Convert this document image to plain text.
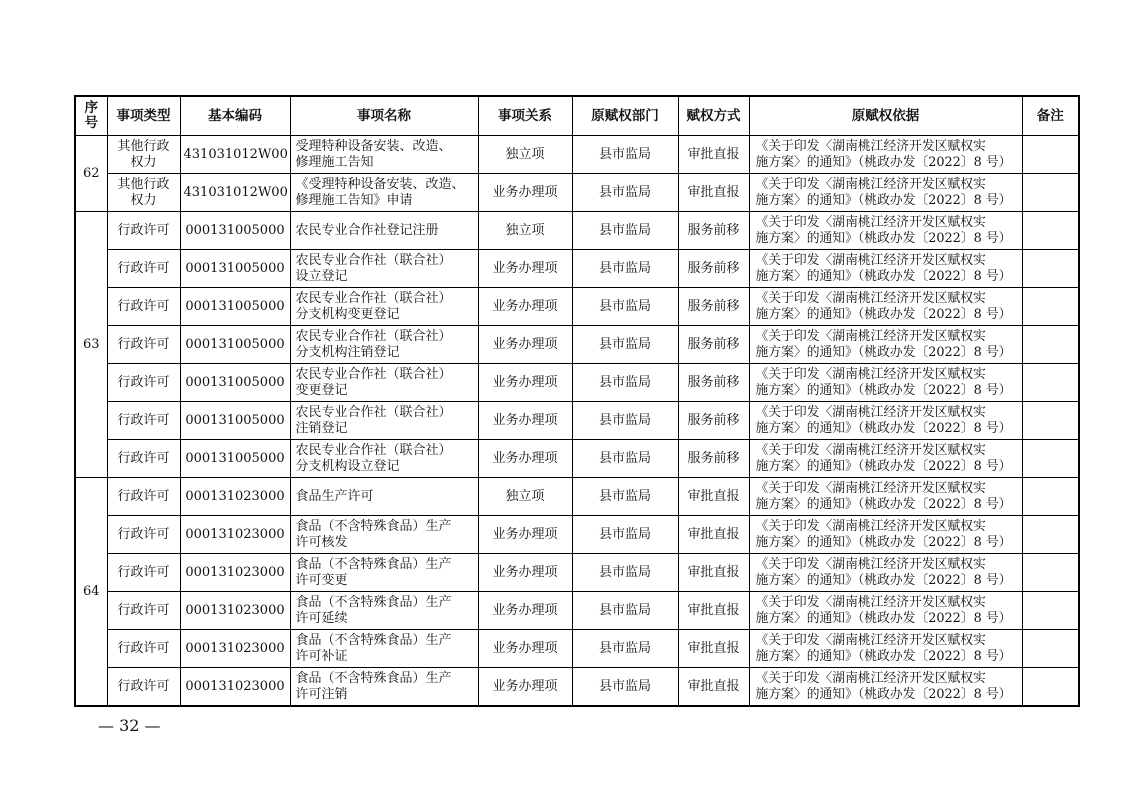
序号	事项类型	基本编码	事项名称	事项关系	原赋权部门	赋权方式	原赋权依据	备注
62	其他行政
权力	431031012W00	受理特种设备安装、改造、
修理施工告知	独立项	县市监局	审批直报	《关于印发〈湖南桃江经济开发区赋权实
施方案〉的通知》（桃政办发〔2022〕8 号）	
	其他行政
权力	431031012W00	《受理特种设备安装、改造、
修理施工告知》申请	业务办理项	县市监局	审批直报	《关于印发〈湖南桃江经济开发区赋权实
施方案〉的通知》（桃政办发〔2022〕8 号）	
63	行政许可	000131005000	农民专业合作社登记注册	独立项	县市监局	服务前移	《关于印发〈湖南桃江经济开发区赋权实
施方案〉的通知》（桃政办发〔2022〕8 号）	
	行政许可	000131005000	农民专业合作社（联合社）
设立登记	业务办理项	县市监局	服务前移	《关于印发〈湖南桃江经济开发区赋权实
施方案〉的通知》（桃政办发〔2022〕8 号）	
	行政许可	000131005000	农民专业合作社（联合社）
分支机构变更登记	业务办理项	县市监局	服务前移	《关于印发〈湖南桃江经济开发区赋权实
施方案〉的通知》（桃政办发〔2022〕8 号）	
	行政许可	000131005000	农民专业合作社（联合社）
分支机构注销登记	业务办理项	县市监局	服务前移	《关于印发〈湖南桃江经济开发区赋权实
施方案〉的通知》（桃政办发〔2022〕8 号）	
	行政许可	000131005000	农民专业合作社（联合社）
变更登记	业务办理项	县市监局	服务前移	《关于印发〈湖南桃江经济开发区赋权实
施方案〉的通知》（桃政办发〔2022〕8 号）	
	行政许可	000131005000	农民专业合作社（联合社）
注销登记	业务办理项	县市监局	服务前移	《关于印发〈湖南桃江经济开发区赋权实
施方案〉的通知》（桃政办发〔2022〕8 号）	
	行政许可	000131005000	农民专业合作社（联合社）
分支机构设立登记	业务办理项	县市监局	服务前移	《关于印发〈湖南桃江经济开发区赋权实
施方案〉的通知》（桃政办发〔2022〕8 号）	
64	行政许可	000131023000	食品生产许可	独立项	县市监局	审批直报	《关于印发〈湖南桃江经济开发区赋权实
施方案〉的通知》（桃政办发〔2022〕8 号）	
	行政许可	000131023000	食品（不含特殊食品）生产
许可核发	业务办理项	县市监局	审批直报	《关于印发〈湖南桃江经济开发区赋权实
施方案〉的通知》（桃政办发〔2022〕8 号）	
	行政许可	000131023000	食品（不含特殊食品）生产
许可变更	业务办理项	县市监局	审批直报	《关于印发〈湖南桃江经济开发区赋权实
施方案〉的通知》（桃政办发〔2022〕8 号）	
	行政许可	000131023000	食品（不含特殊食品）生产
许可延续	业务办理项	县市监局	审批直报	《关于印发〈湖南桃江经济开发区赋权实
施方案〉的通知》（桃政办发〔2022〕8 号）	
	行政许可	000131023000	食品（不含特殊食品）生产
许可补证	业务办理项	县市监局	审批直报	《关于印发〈湖南桃江经济开发区赋权实
施方案〉的通知》（桃政办发〔2022〕8 号）	
	行政许可	000131023000	食品（不含特殊食品）生产
许可注销	业务办理项	县市监局	审批直报	《关于印发〈湖南桃江经济开发区赋权实
施方案〉的通知》（桃政办发〔2022〕8 号）	
— 32 —
